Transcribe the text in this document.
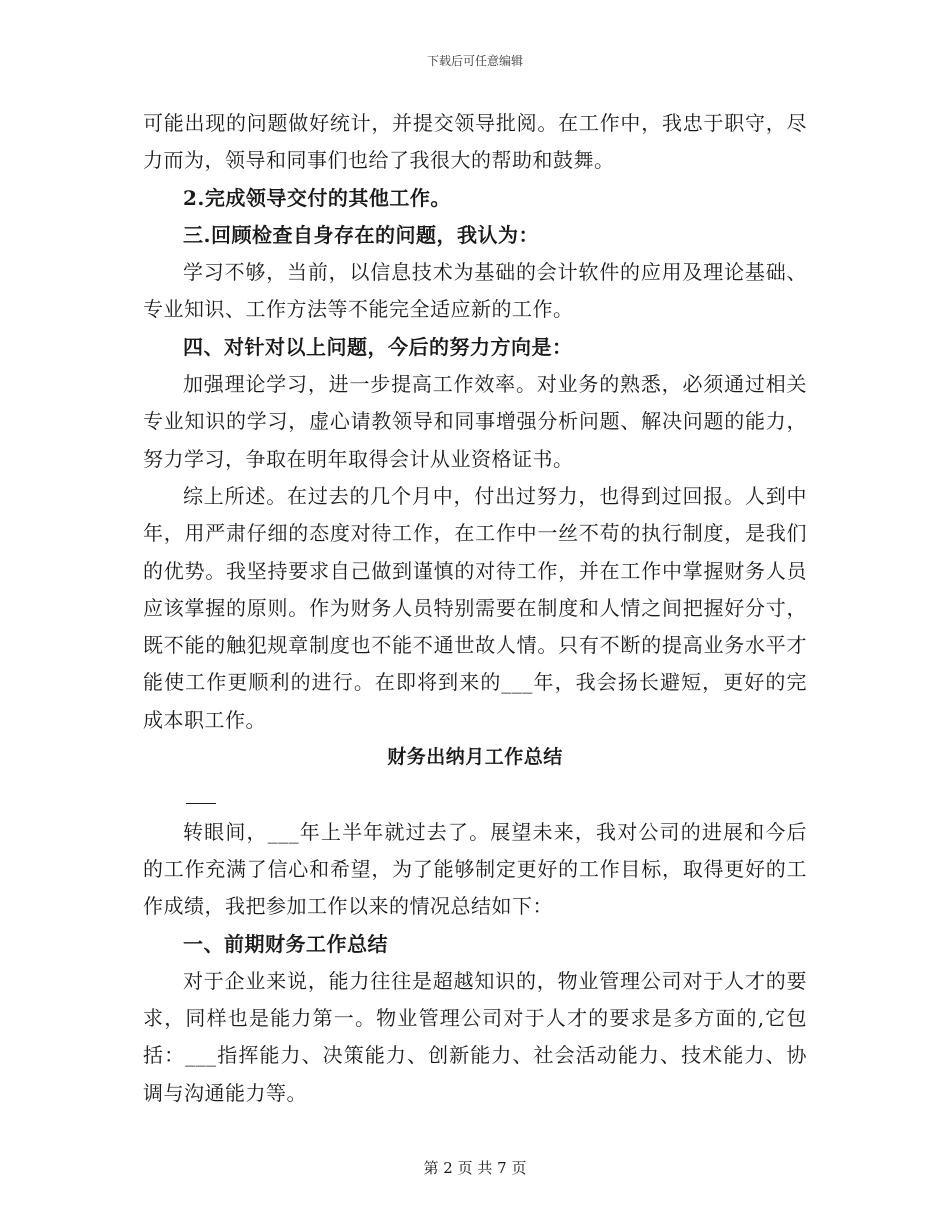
下载后可任意编辑

可能出现的问题做好统计，并提交领导批阅。在工作中，我忠于职守，尽力而为，领导和同事们也给了我很大的帮助和鼓舞。

2.完成领导交付的其他工作。

三.回顾检查自身存在的问题，我认为：

学习不够，当前，以信息技术为基础的会计软件的应用及理论基础、专业知识、工作方法等不能完全适应新的工作。

四、对针对以上问题，今后的努力方向是：

加强理论学习，进一步提高工作效率。对业务的熟悉，必须通过相关专业知识的学习，虚心请教领导和同事增强分析问题、解决问题的能力，努力学习，争取在明年取得会计从业资格证书。

综上所述。在过去的几个月中，付出过努力，也得到过回报。人到中年，用严肃仔细的态度对待工作，在工作中一丝不苟的执行制度，是我们的优势。我坚持要求自己做到谨慎的对待工作，并在工作中掌握财务人员应该掌握的原则。作为财务人员特别需要在制度和人情之间把握好分寸，既不能的触犯规章制度也不能不通世故人情。只有不断的提高业务水平才能使工作更顺利的进行。在即将到来的___年，我会扬长避短，更好的完成本职工作。

财务出纳月工作总结

转眼间，___年上半年就过去了。展望未来，我对公司的进展和今后的工作充满了信心和希望，为了能够制定更好的工作目标，取得更好的工作成绩，我把参加工作以来的情况总结如下：

一、前期财务工作总结

对于企业来说，能力往往是超越知识的，物业管理公司对于人才的要求，同样也是能力第一。物业管理公司对于人才的要求是多方面的,它包括：___指挥能力、决策能力、创新能力、社会活动能力、技术能力、协调与沟通能力等。

第 2 页 共 7 页
